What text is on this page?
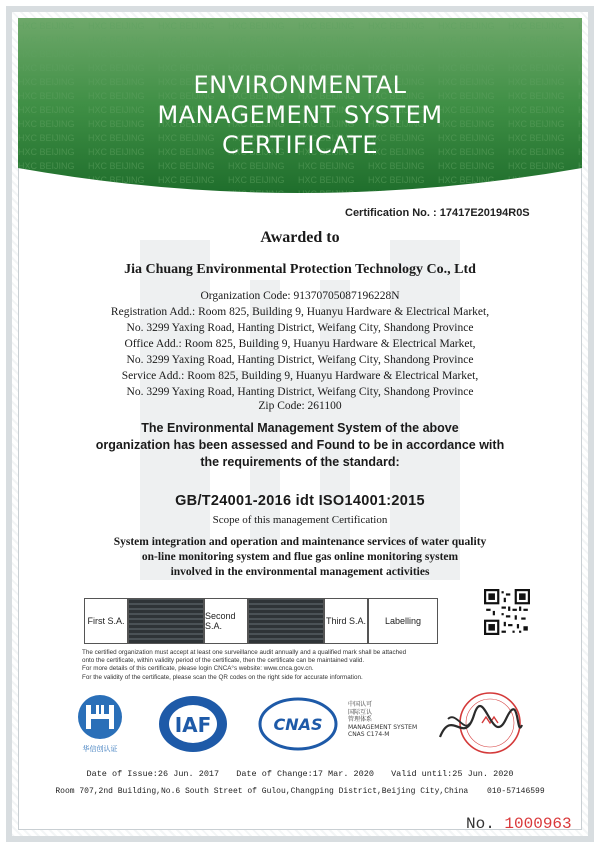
ENVIRONMENTAL
MANAGEMENT SYSTEM
CERTIFICATE
Certification No. : 17417E20194R0S
Awarded to
Jia Chuang Environmental Protection Technology Co., Ltd
Organization Code: 91370705087196228N
Registration Add.: Room 825, Building 9, Huanyu Hardware & Electrical Market,
No. 3299 Yaxing Road, Hanting District, Weifang City, Shandong Province
Office Add.: Room 825, Building 9, Huanyu Hardware & Electrical Market,
No. 3299 Yaxing Road, Hanting District, Weifang City, Shandong Province
Service Add.: Room 825, Building 9, Huanyu Hardware & Electrical Market,
No. 3299 Yaxing Road, Hanting District, Weifang City, Shandong Province
Zip Code: 261100
The Environmental Management System of the above
organization has been assessed and Found to be in accordance with
the requirements of the standard:
GB/T24001-2016 idt ISO14001:2015
Scope of this management Certification
System integration and operation and maintenance services of water quality
on-line monitoring system and flue gas online monitoring system
involved in the environmental management activities
First S.A.	Second S.A.	Third S.A.	Labelling
The certified organization must accept at least one surveillance audit annually and a qualified mark shall be attached
onto the certificate, within validity period of the certificate, then the certificate can be maintained valid.
For more details of this certificate, please login CNCA°s website: www.cnca.gov.cn.
For the validity of the certificate, please scan the QR codes on the right side for accurate information.
华信创认证
IAF	CNAS
中国认可
国际互认
管理体系
MANAGEMENT SYSTEM
CNAS C174-M
Date of Issue:26 Jun. 2017 Date of Change:17 Mar. 2020 Valid until:25 Jun. 2020
Room 707,2nd Building,No.6 South Street of Gulou,Changping District,Beijing City,China 010-57146599
No. 1000963
